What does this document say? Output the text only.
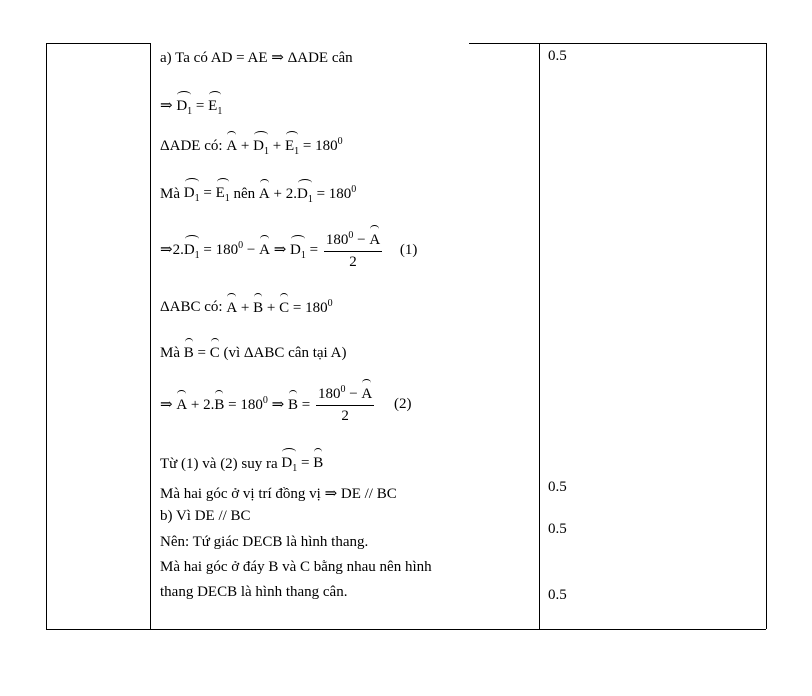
a) Ta có AD = AE ⇒ ΔADE cân
⇒ $D_1 = E_1$
ΔADE có: $A + D_1 + E_1 = 180^0$
Mà $D_1 = E_1$ nên $A + 2.D_1 = 180^0$
$\Rightarrow 2.D_1 = 180^0 - A$ ⇒ $D_1 = \frac{180^0 - A}{2} (1)$
ΔABC có: $A + B + C = 180^0$
Mà B = C (vì ΔABC cân tại A)
⇒ $A + 2.B = 180^0$ ⇒ $B = \frac{180^0 - A}{2} (2)$
Từ (1) và (2) suy ra $D_1 = B$
Mà hai góc ở vị trí đồng vị ⇒ DE // BC
b) Vì DE // BC
Nên: Tứ giác DECB là hình thang.
Mà hai góc ở đáy B và C bằng nhau nên hình
thang DECB là hình thang cân.
0.5
0.5
0.5
0.5
